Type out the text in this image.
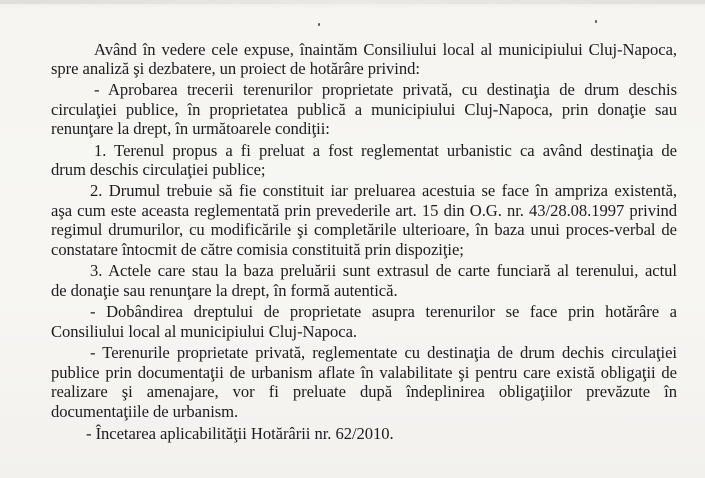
Având în vedere cele expuse, înaintăm Consiliului local al municipiului Cluj-Napoca,
spre analiză şi dezbatere, un proiect de hotărâre privind:
- Aprobarea trecerii terenurilor proprietate privată, cu destinaţia de drum deschis
circulaţiei publice, în proprietatea publică a municipiului Cluj-Napoca, prin donaţie sau
renunţare la drept, în următoarele condiţii:
1. Terenul propus a fi preluat a fost reglementat urbanistic ca având destinaţia de
drum deschis circulaţiei publice;
2. Drumul trebuie să fie constituit iar preluarea acestuia se face în ampriza existentă,
aşa cum este aceasta reglementată prin prevederile art. 15 din O.G. nr. 43/28.08.1997 privind
regimul drumurilor, cu modificările şi completările ulterioare, în baza unui proces-verbal de
constatare întocmit de către comisia constituită prin dispoziţie;
3. Actele care stau la baza preluării sunt extrasul de carte funciară al terenului, actul
de donaţie sau renunţare la drept, în formă autentică.
- Dobândirea dreptului de proprietate asupra terenurilor se face prin hotărâre a
Consiliului local al municipiului Cluj-Napoca.
- Terenurile proprietate privată, reglementate cu destinaţia de drum dechis circulaţiei
publice prin documentaţii de urbanism aflate în valabilitate şi pentru care există obligaţii de
realizare şi amenajare, vor fi preluate după îndeplinirea obligaţiilor prevăzute în
documentaţiile de urbanism.
- Încetarea aplicabilităţii Hotărârii nr. 62/2010.
